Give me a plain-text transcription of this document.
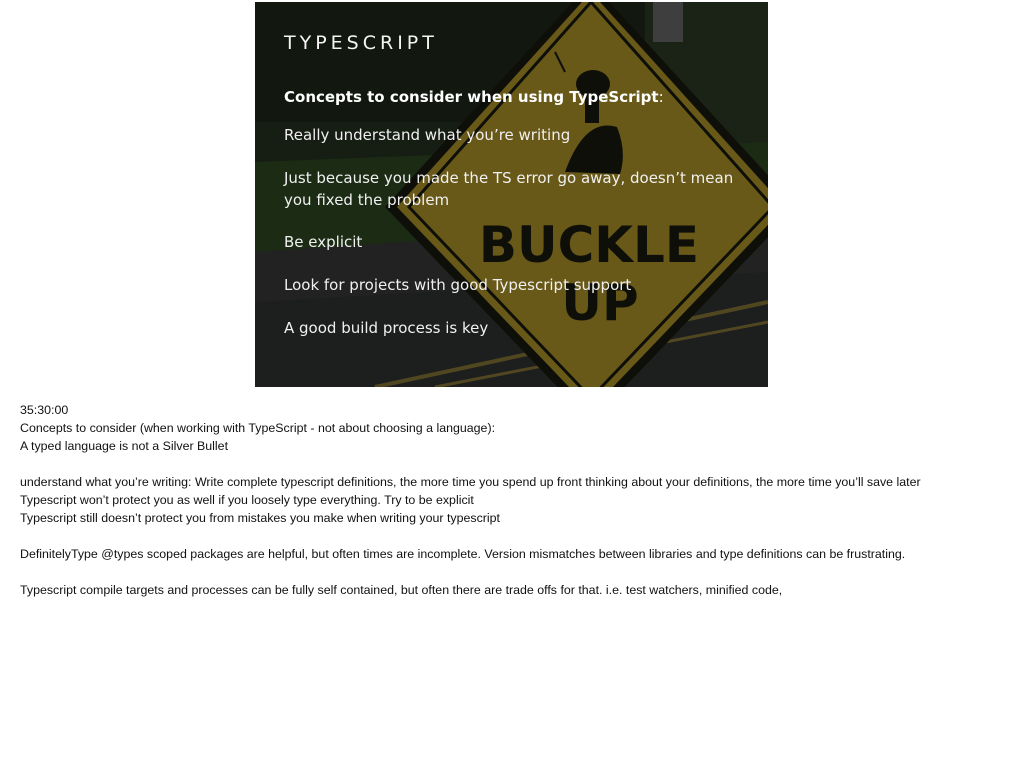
BUCKLE
UP
TYPESCRIPT

Concepts to consider when using TypeScript:

Really understand what you’re writing
Just because you made the TS error go away, doesn’t mean you fixed the problem
Be explicit
Look for projects with good Typescript support
A good build process is key
35:30:00
Concepts to consider (when working with TypeScript - not about choosing a language):
A typed language is not a Silver Bullet
understand what you’re writing: Write complete typescript definitions, the more time you spend up front thinking about your definitions, the more time you’ll save later
Typescript won’t protect you as well if you loosely type everything. Try to be explicit
Typescript still doesn’t protect you from mistakes you make when writing your typescript
DefinitelyType @types scoped packages are helpful, but often times are incomplete. Version mismatches between libraries and type definitions can be frustrating.
Typescript compile targets and processes can be fully self contained, but often there are trade offs for that. i.e. test watchers, minified code,
